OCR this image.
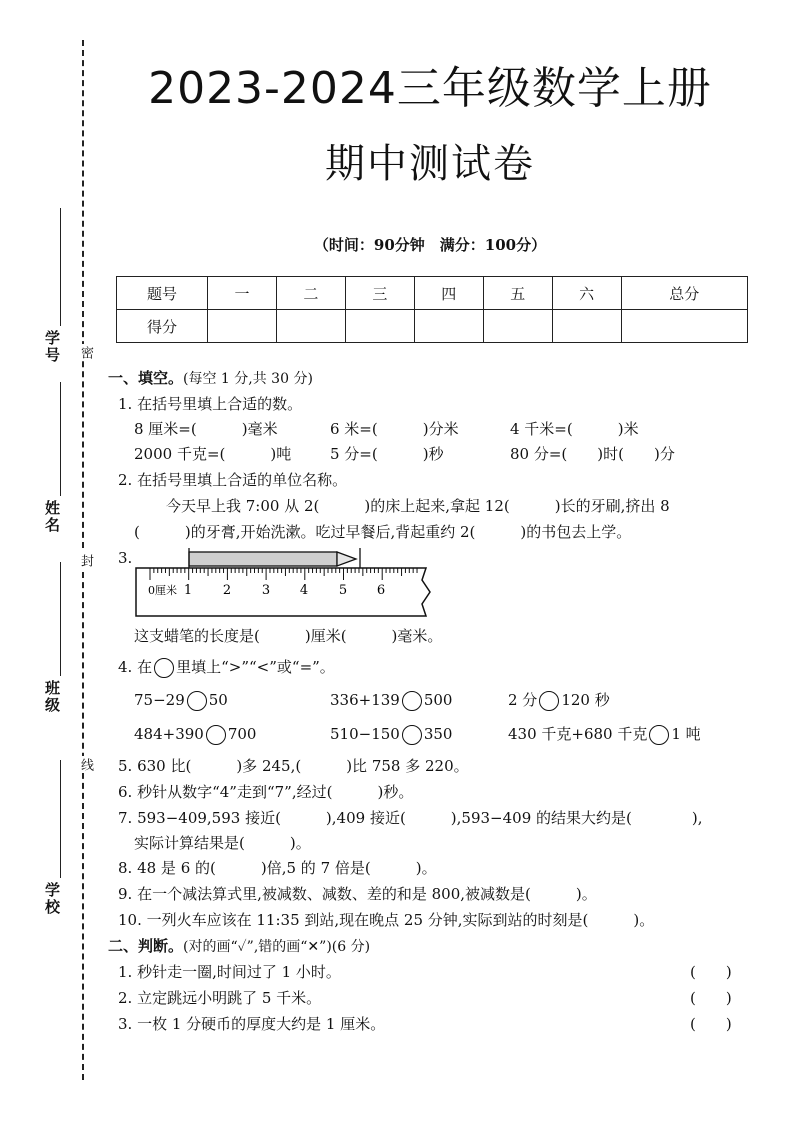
学号
姓名
班级
学校
密
封
线
2023-2024三年级数学上册
期中测试卷
（时间：90分钟　满分：100分）
题号	一	二	三	四	五	六	总分
得分							
一、填空。(每空 1 分,共 30 分)
1. 在括号里填上合适的数。
8 厘米=(　　　)毫米	6 米=(　　　)分米	4 千米=(　　　)米
2000 千克=(　　　)吨	5 分=(　　　)秒	80 分=(　　)时(　　)分
2. 在括号里填上合适的单位名称。
今天早上我 7:00 从 2(　　　)的床上起来,拿起 12(　　　)长的牙刷,挤出 8
(　　　)的牙膏,开始洗漱。吃过早餐后,背起重约 2(　　　)的书包去上学。
3.
0厘米 1 2 3 4 5 6
这支蜡笔的长度是(　　　)厘米(　　　)毫米。
4. 在 里填上“>”“<”或“=”。
75−29 50	336+139 500	2 分 120 秒
484+390 700	510−150 350	430 千克+680 千克 1 吨
5. 630 比(　　　)多 245,(　　　)比 758 多 220。
6. 秒针从数字“4”走到“7”,经过(　　　)秒。
7. 593−409,593 接近(　　　),409 接近(　　　),593−409 的结果大约是(　　　　),
实际计算结果是(　　　)。
8. 48 是 6 的(　　　)倍,5 的 7 倍是(　　　)。
9. 在一个减法算式里,被减数、减数、差的和是 800,被减数是(　　　)。
10. 一列火车应该在 11:35 到站,现在晚点 25 分钟,实际到站的时刻是(　　　)。
二、判断。(对的画“✓”,错的画“✕”)(6 分)
1. 秒针走一圈,时间过了 1 小时。	(　　)
2. 立定跳远小明跳了 5 千米。	(　　)
3. 一枚 1 分硬币的厚度大约是 1 厘米。	(　　)
